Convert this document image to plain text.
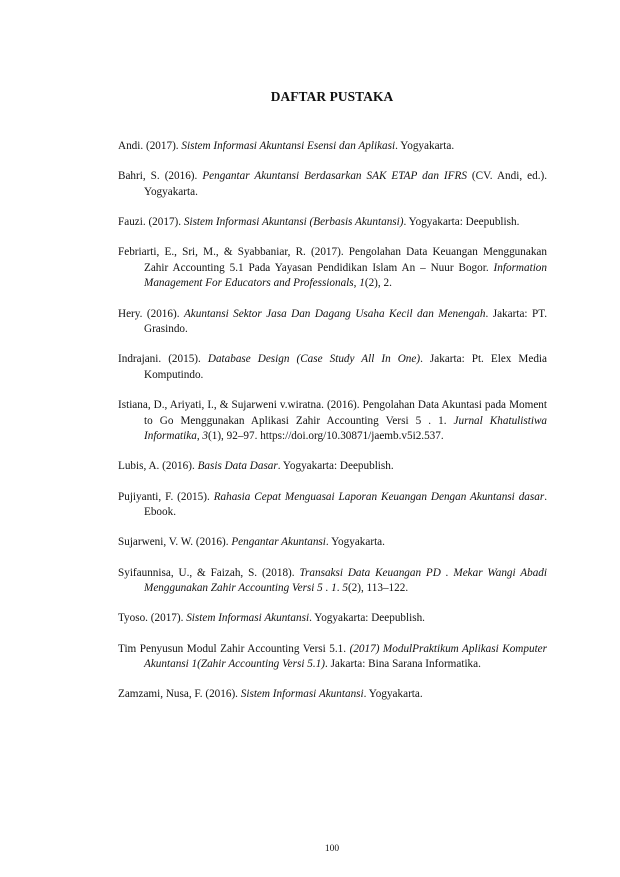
DAFTAR PUSTAKA

Andi. (2017). Sistem Informasi Akuntansi Esensi dan Aplikasi. Yogyakarta.

Bahri, S. (2016). Pengantar Akuntansi Berdasarkan SAK ETAP dan IFRS (CV. Andi, ed.). Yogyakarta.

Fauzi. (2017). Sistem Informasi Akuntansi (Berbasis Akuntansi). Yogyakarta: Deepublish.

Febriarti, E., Sri, M., & Syabbaniar, R. (2017). Pengolahan Data Keuangan Menggunakan Zahir Accounting 5.1 Pada Yayasan Pendidikan Islam An – Nuur Bogor. Information Management For Educators and Professionals, 1(2), 2.

Hery. (2016). Akuntansi Sektor Jasa Dan Dagang Usaha Kecil dan Menengah. Jakarta: PT. Grasindo.

Indrajani. (2015). Database Design (Case Study All In One). Jakarta: Pt. Elex Media Komputindo.

Istiana, D., Ariyati, I., & Sujarweni v.wiratna. (2016). Pengolahan Data Akuntasi pada Moment to Go Menggunakan Aplikasi Zahir Accounting Versi 5 . 1. Jurnal Khatulistiwa Informatika, 3(1), 92–97. https://doi.org/10.30871/jaemb.v5i2.537.

Lubis, A. (2016). Basis Data Dasar. Yogyakarta: Deepublish.

Pujiyanti, F. (2015). Rahasia Cepat Menguasai Laporan Keuangan Dengan Akuntansi dasar. Ebook.

Sujarweni, V. W. (2016). Pengantar Akuntansi. Yogyakarta.

Syifaunnisa, U., & Faizah, S. (2018). Transaksi Data Keuangan PD . Mekar Wangi Abadi Menggunakan Zahir Accounting Versi 5 . 1. 5(2), 113–122.

Tyoso. (2017). Sistem Informasi Akuntansi. Yogyakarta: Deepublish.

Tim Penyusun Modul Zahir Accounting Versi 5.1. (2017) ModulPraktikum Aplikasi Komputer Akuntansi 1(Zahir Accounting Versi 5.1). Jakarta: Bina Sarana Informatika.

Zamzami, Nusa, F. (2016). Sistem Informasi Akuntansi. Yogyakarta.

100
